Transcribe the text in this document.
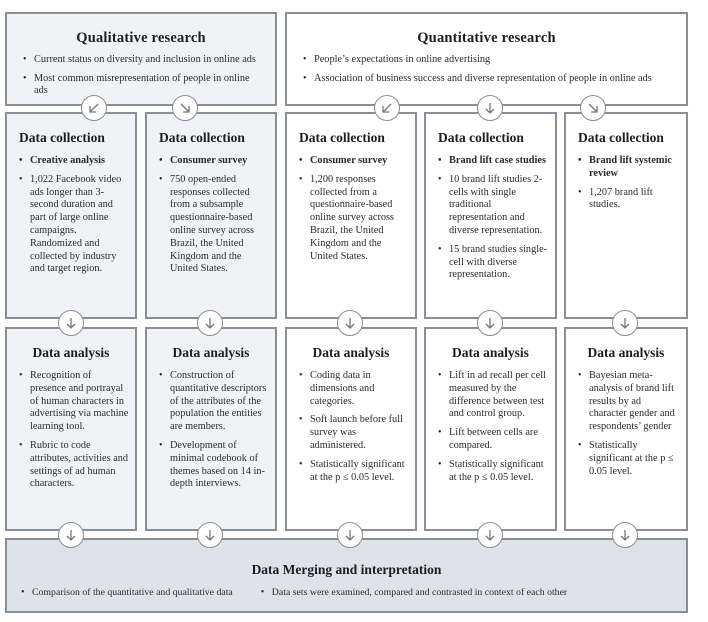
Qualitative research
• Current status on diversity and inclusion in online ads
• Most common misrepresentation of people in online ads
Quantitative research
• People’s expectations in online advertising
• Association of business success and diverse representation of people in online ads
Data collection
• Creative analysis
• 1,022 Facebook video ads longer than 3-second duration and part of large online campaigns. Randomized and collected by industry and target region.
Data collection
• Consumer survey
• 750 open-ended responses collected from a subsample questionnaire-based online survey across Brazil, the United Kingdom and the United States.
Data collection
• Consumer survey
• 1,200 responses collected from a questionnaire-based online survey across Brazil, the United Kingdom and the United States.
Data collection
• Brand lift case studies
• 10 brand lift studies 2-cells with single traditional representation and diverse representation.
• 15 brand studies single-cell with diverse representation.
Data collection
• Brand lift systemic review
• 1,207 brand lift studies.
Data analysis
• Recognition of presence and portrayal of human characters in advertising via machine learning tool.
• Rubric to code attributes, activities and settings of ad human characters.
Data analysis
• Construction of quantitative descriptors of the attributes of the population the entities are members.
• Development of minimal codebook of themes based on 14 in-depth interviews.
Data analysis
• Coding data in dimensions and categories.
• Soft launch before full survey was administered.
• Statistically significant at the p ≤ 0.05 level.
Data analysis
• Lift in ad recall per cell measured by the difference between test and control group.
• Lift between cells are compared.
• Statistically significant at the p ≤ 0.05 level.
Data analysis
• Bayesian meta-analysis of brand lift results by ad character gender and respondents’ gender
• Statistically significant at the p ≤ 0.05 level.
Data Merging and interpretation
• Comparison of the quantitative and qualitative data	• Data sets were examined, compared and contrasted in context of each other
